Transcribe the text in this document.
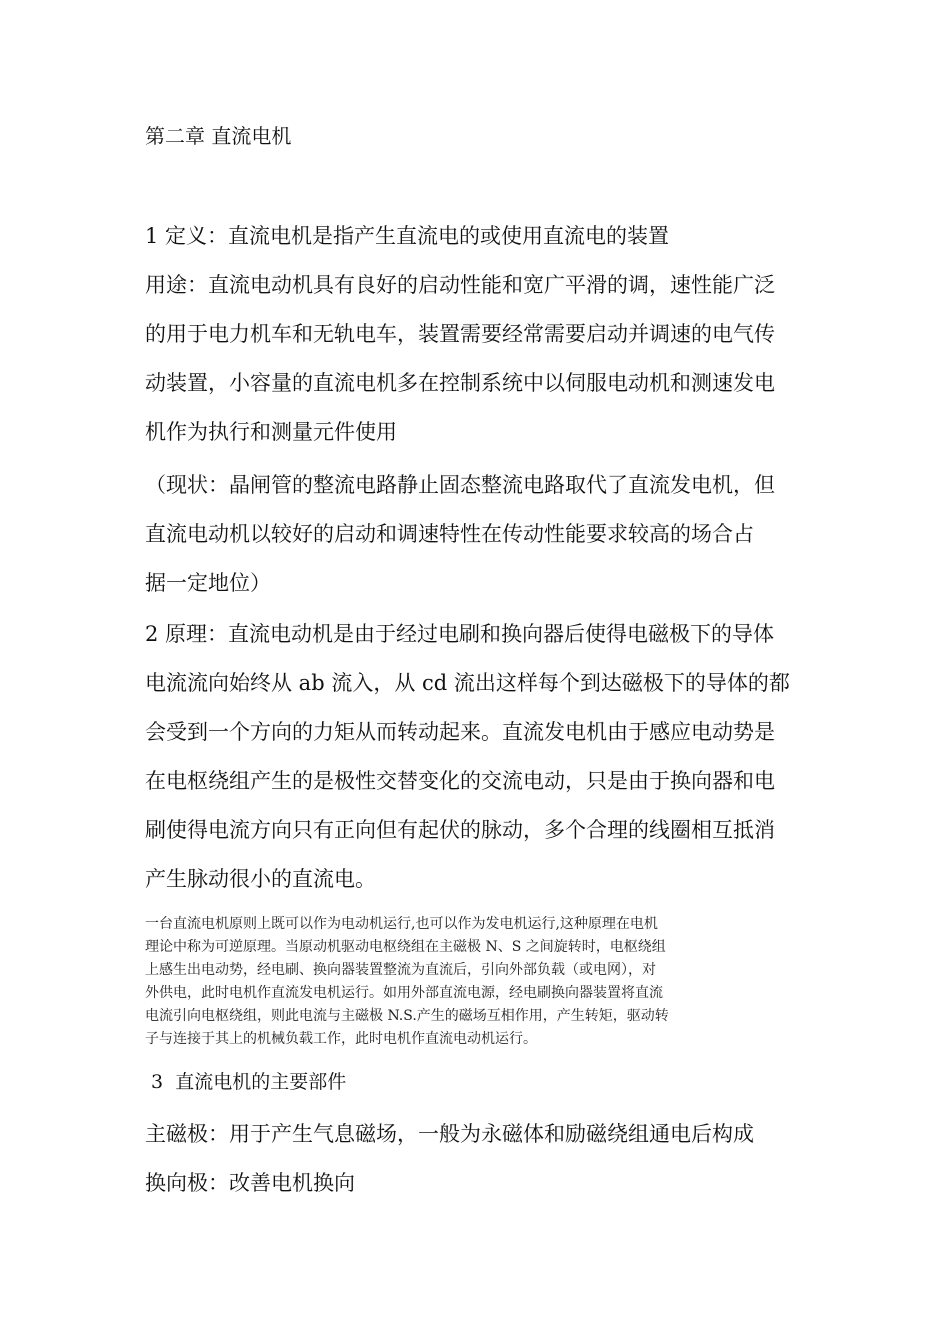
第二章 直流电机

1 定义：直流电机是指产生直流电的或使用直流电的装置
用途：直流电动机具有良好的启动性能和宽广平滑的调，速性能广泛
的用于电力机车和无轨电车，装置需要经常需要启动并调速的电气传
动装置，小容量的直流电机多在控制系统中以伺服电动机和测速发电
机作为执行和测量元件使用
（现状：晶闸管的整流电路静止固态整流电路取代了直流发电机，但
直流电动机以较好的启动和调速特性在传动性能要求较高的场合占
据一定地位）
2 原理：直流电动机是由于经过电刷和换向器后使得电磁极下的导体
电流流向始终从 ab 流入，从 cd 流出这样每个到达磁极下的导体的都
会受到一个方向的力矩从而转动起来。直流发电机由于感应电动势是
在电枢绕组产生的是极性交替变化的交流电动，只是由于换向器和电
刷使得电流方向只有正向但有起伏的脉动，多个合理的线圈相互抵消
产生脉动很小的直流电。
一台直流电机原则上既可以作为电动机运行,也可以作为发电机运行,这种原理在电机
理论中称为可逆原理。当原动机驱动电枢绕组在主磁极 N、S 之间旋转时，电枢绕组
上感生出电动势，经电刷、换向器装置整流为直流后，引向外部负载（或电网），对
外供电，此时电机作直流发电机运行。如用外部直流电源，经电刷换向器装置将直流
电流引向电枢绕组，则此电流与主磁极 N.S.产生的磁场互相作用，产生转矩，驱动转
子与连接于其上的机械负载工作，此时电机作直流电动机运行。
3  直流电机的主要部件
主磁极：用于产生气息磁场，一般为永磁体和励磁绕组通电后构成
换向极：改善电机换向
